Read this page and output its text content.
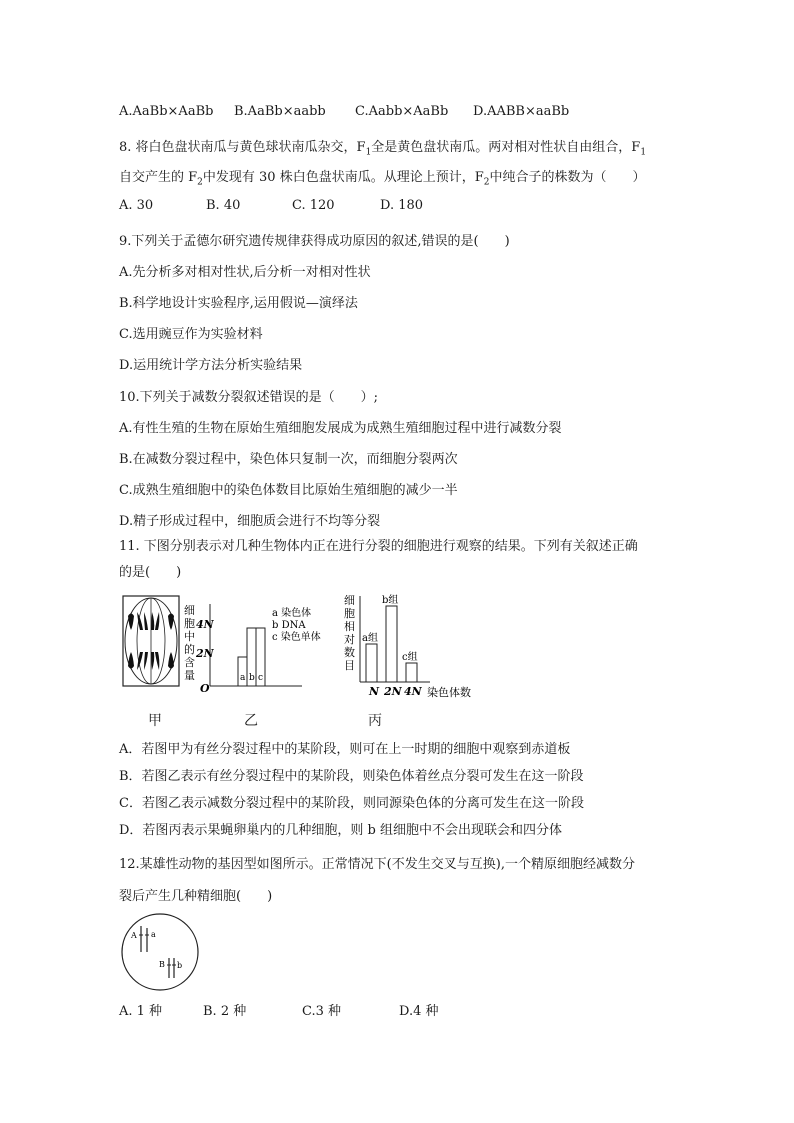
A.AaBb×AaBb B.AaBb×aabb C.Aabb×AaBb D.AABB×aaBb
8. 将白色盘状南瓜与黄色球状南瓜杂交，$F_1$全是黄色盘状南瓜。两对相对性状自由组合，$F_1$
自交产生的 $F_2$中发现有 30 株白色盘状南瓜。从理论上预计，$F_2$中纯合子的株数为（　　）
A. 30	B. 40	C. 120	D. 180
9.下列关于孟德尔研究遗传规律获得成功原因的叙述,错误的是(　　)
A.先分析多对相对性状,后分析一对相对性状
B.科学地设计实验程序,运用假说—演绎法
C.选用豌豆作为实验材料
D.运用统计学方法分析实验结果
10.下列关于减数分裂叙述错误的是（　　）;
A.有性生殖的生物在原始生殖细胞发展成为成熟生殖细胞过程中进行减数分裂
B.在减数分裂过程中，染色体只复制一次，而细胞分裂两次
C.成熟生殖细胞中的染色体数目比原始生殖细胞的减少一半
D.精子形成过程中，细胞质会进行不均等分裂
11. 下图分别表示对几种生物体内正在进行分裂的细胞进行观察的结果。下列有关叙述正确
的是(　　)
细
胞
中
的
含
量
4N
2N
O
a b c
a 染色体
b DNA
c 染色单体
细
胞
相
对
数
目
a组
N
b组
2N
c组
4N 染色体数
甲	乙	丙
A．若图甲为有丝分裂过程中的某阶段，则可在上一时期的细胞中观察到赤道板
B．若图乙表示有丝分裂过程中的某阶段，则染色体着丝点分裂可发生在这一阶段
C．若图乙表示减数分裂过程中的某阶段，则同源染色体的分离可发生在这一阶段
D．若图丙表示果蝇卵巢内的几种细胞，则 b 组细胞中不会出现联会和四分体
12.某雄性动物的基因型如图所示。正常情况下(不发生交叉与互换),一个精原细胞经减数分
裂后产生几种精细胞(　　)
A a
B b
A. 1 种	B. 2 种	C.3 种	D.4 种
